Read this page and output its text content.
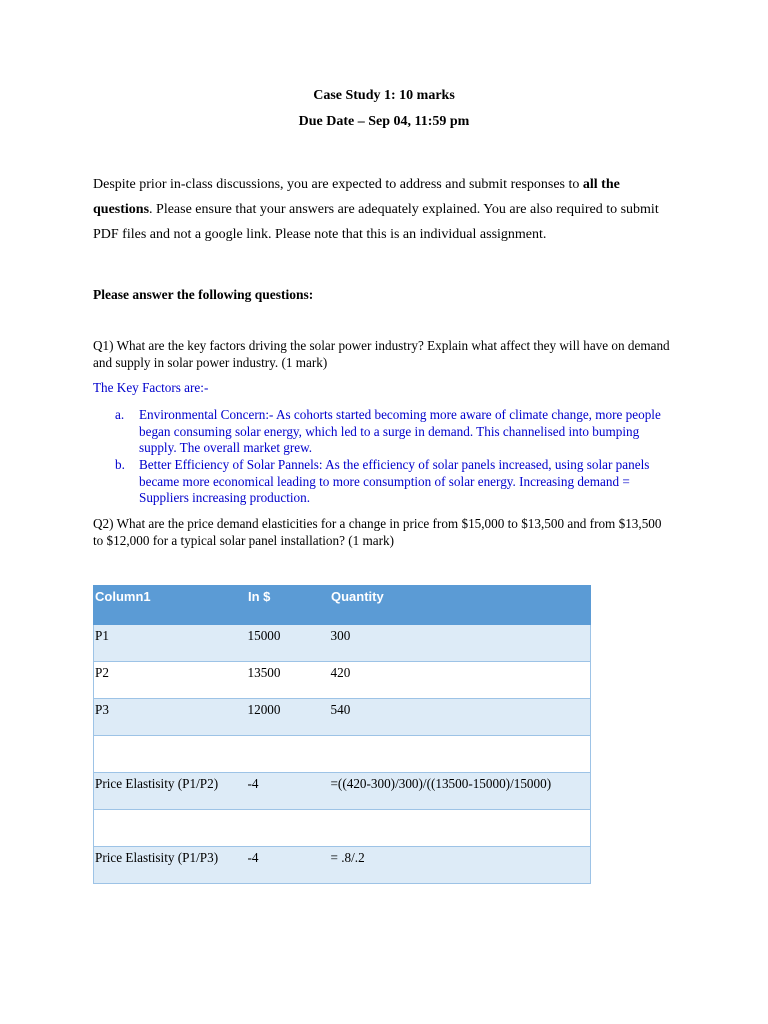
Case Study 1: 10 marks

Due Date – Sep 04, 11:59 pm

Despite prior in-class discussions, you are expected to address and submit responses to all the questions. Please ensure that your answers are adequately explained. You are also required to submit PDF files and not a google link. Please note that this is an individual assignment.

Please answer the following questions:

Q1) What are the key factors driving the solar power industry? Explain what affect they will have on demand and supply in solar power industry. (1 mark)

The Key Factors are:-

a. Environmental Concern:- As cohorts started becoming more aware of climate change, more people began consuming solar energy, which led to a surge in demand. This channelised into bumping supply. The overall market grew.

b. Better Efficiency of Solar Pannels: As the efficiency of solar panels increased, using solar panels became more economical leading to more consumption of solar energy. Increasing demand = Suppliers increasing production.

Q2) What are the price demand elasticities for a change in price from $15,000 to $13,500 and from $13,500 to $12,000 for a typical solar panel installation? (1 mark)

Column1	In $	Quantity
P1	15000	300
P2	13500	420
P3	12000	540

Price Elastisity (P1/P2)	-4	=((420-300)/300)/((13500-15000)/15000)

Price Elastisity (P1/P3)	-4	= .8/.2
